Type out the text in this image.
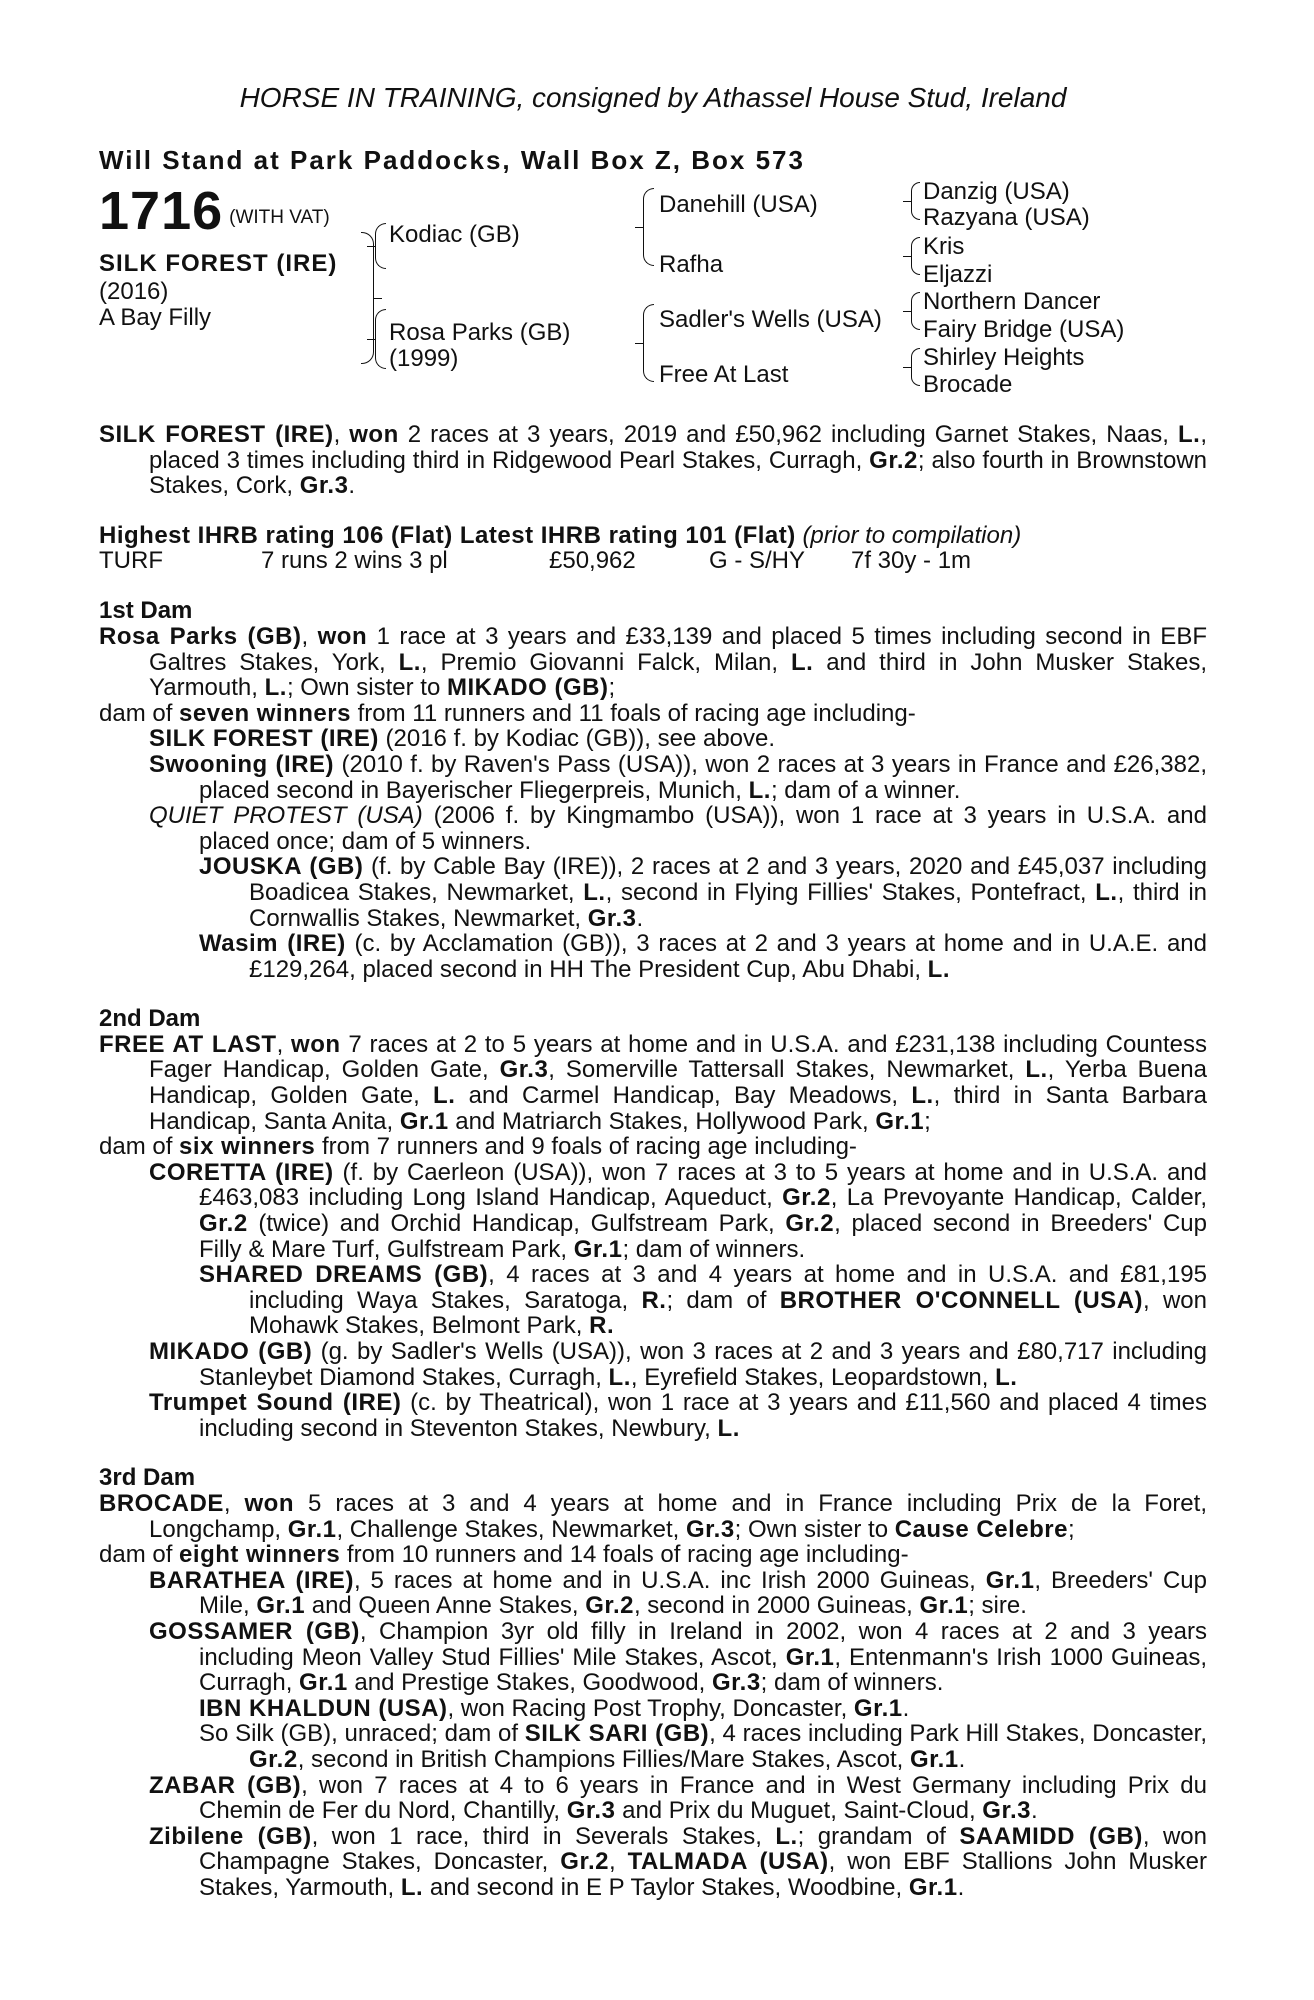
HORSE IN TRAINING, consigned by Athassel House Stud, Ireland
Will Stand at Park Paddocks, Wall Box Z, Box 573
1716 $^{(WITH VAT)}$
SILK FOREST (IRE)
(2016)
A Bay Filly
Kodiac (GB)
Rosa Parks (GB)
(1999)
Danehill (USA)
Rafha
Sadler's Wells (USA)
Free At Last
Danzig (USA)
Razyana (USA)
Kris
Eljazzi
Northern Dancer
Fairy Bridge (USA)
Shirley Heights
Brocade

SILK FOREST (IRE), won 2 races at 3 years, 2019 and £50,962 including Garnet Stakes, Naas, L., placed 3 times including third in Ridgewood Pearl Stakes, Curragh, Gr.2; also fourth in Brownstown Stakes, Cork, Gr.3.

Highest IHRB rating 106 (Flat) Latest IHRB rating 101 (Flat) (prior to compilation)
TURF	7 runs 2 wins 3 pl	£50,962	G - S/HY 7f 30y - 1m
1st Dam

Rosa Parks (GB), won 1 race at 3 years and £33,139 and placed 5 times including second in EBF Galtres Stakes, York, L., Premio Giovanni Falck, Milan, L. and third in John Musker Stakes, Yarmouth, L.; Own sister to MIKADO (GB);

dam of seven winners from 11 runners and 11 foals of racing age including-

SILK FOREST (IRE) (2016 f. by Kodiac (GB)), see above.

Swooning (IRE) (2010 f. by Raven's Pass (USA)), won 2 races at 3 years in France and £26,382, placed second in Bayerischer Fliegerpreis, Munich, L.; dam of a winner.

QUIET PROTEST (USA) (2006 f. by Kingmambo (USA)), won 1 race at 3 years in U.S.A. and placed once; dam of 5 winners.

JOUSKA (GB) (f. by Cable Bay (IRE)), 2 races at 2 and 3 years, 2020 and £45,037 including Boadicea Stakes, Newmarket, L., second in Flying Fillies' Stakes, Pontefract, L., third in Cornwallis Stakes, Newmarket, Gr.3.

Wasim (IRE) (c. by Acclamation (GB)), 3 races at 2 and 3 years at home and in U.A.E. and £129,264, placed second in HH The President Cup, Abu Dhabi, L.

2nd Dam

FREE AT LAST, won 7 races at 2 to 5 years at home and in U.S.A. and £231,138 including Countess Fager Handicap, Golden Gate, Gr.3, Somerville Tattersall Stakes, Newmarket, L., Yerba Buena Handicap, Golden Gate, L. and Carmel Handicap, Bay Meadows, L., third in Santa Barbara Handicap, Santa Anita, Gr.1 and Matriarch Stakes, Hollywood Park, Gr.1;

dam of six winners from 7 runners and 9 foals of racing age including-

CORETTA (IRE) (f. by Caerleon (USA)), won 7 races at 3 to 5 years at home and in U.S.A. and £463,083 including Long Island Handicap, Aqueduct, Gr.2, La Prevoyante Handicap, Calder, Gr.2 (twice) and Orchid Handicap, Gulfstream Park, Gr.2, placed second in Breeders' Cup Filly & Mare Turf, Gulfstream Park, Gr.1; dam of winners.

SHARED DREAMS (GB), 4 races at 3 and 4 years at home and in U.S.A. and £81,195 including Waya Stakes, Saratoga, R.; dam of BROTHER O'CONNELL (USA), won Mohawk Stakes, Belmont Park, R.

MIKADO (GB) (g. by Sadler's Wells (USA)), won 3 races at 2 and 3 years and £80,717 including Stanleybet Diamond Stakes, Curragh, L., Eyrefield Stakes, Leopardstown, L.

Trumpet Sound (IRE) (c. by Theatrical), won 1 race at 3 years and £11,560 and placed 4 times including second in Steventon Stakes, Newbury, L.

3rd Dam

BROCADE, won 5 races at 3 and 4 years at home and in France including Prix de la Foret, Longchamp, Gr.1, Challenge Stakes, Newmarket, Gr.3; Own sister to Cause Celebre;

dam of eight winners from 10 runners and 14 foals of racing age including-

BARATHEA (IRE), 5 races at home and in U.S.A. inc Irish 2000 Guineas, Gr.1, Breeders' Cup Mile, Gr.1 and Queen Anne Stakes, Gr.2, second in 2000 Guineas, Gr.1; sire.

GOSSAMER (GB), Champion 3yr old filly in Ireland in 2002, won 4 races at 2 and 3 years including Meon Valley Stud Fillies' Mile Stakes, Ascot, Gr.1, Entenmann's Irish 1000 Guineas, Curragh, Gr.1 and Prestige Stakes, Goodwood, Gr.3; dam of winners.

IBN KHALDUN (USA), won Racing Post Trophy, Doncaster, Gr.1.

So Silk (GB), unraced; dam of SILK SARI (GB), 4 races including Park Hill Stakes, Doncaster, Gr.2, second in British Champions Fillies/Mare Stakes, Ascot, Gr.1.

ZABAR (GB), won 7 races at 4 to 6 years in France and in West Germany including Prix du Chemin de Fer du Nord, Chantilly, Gr.3 and Prix du Muguet, Saint-Cloud, Gr.3.

Zibilene (GB), won 1 race, third in Severals Stakes, L.; grandam of SAAMIDD (GB), won Champagne Stakes, Doncaster, Gr.2, TALMADA (USA), won EBF Stallions John Musker Stakes, Yarmouth, L. and second in E P Taylor Stakes, Woodbine, Gr.1.
